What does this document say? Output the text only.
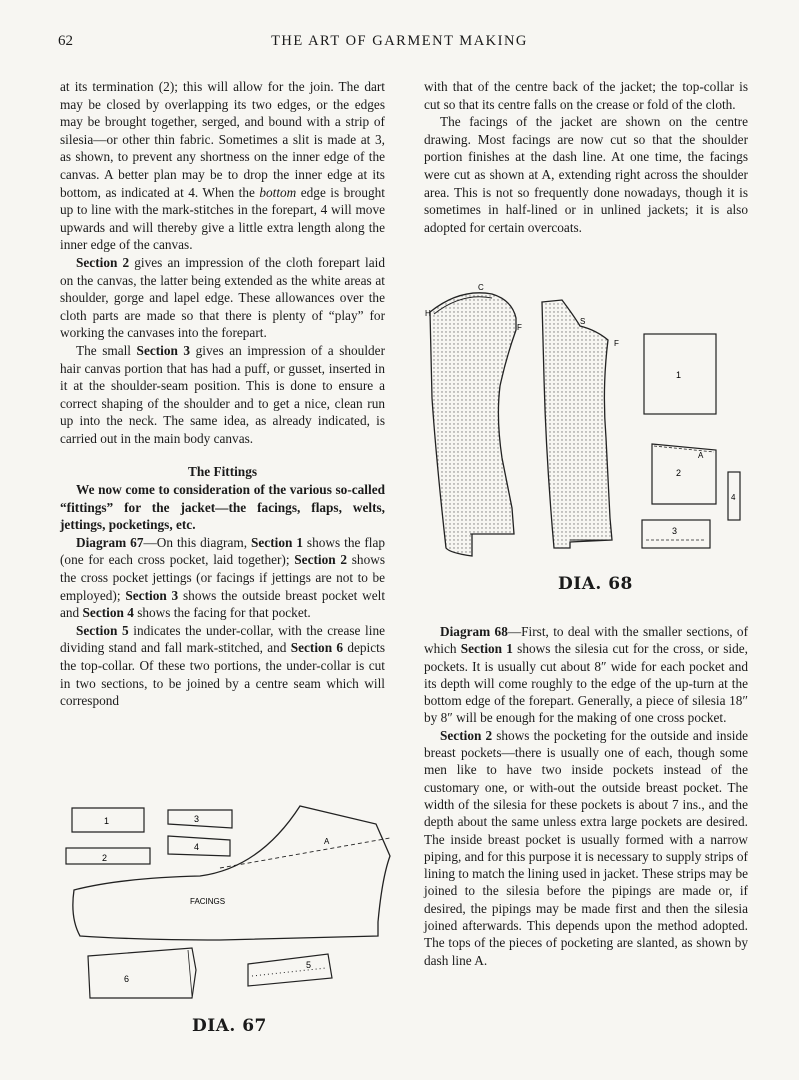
62	THE ART OF GARMENT MAKING

at its termination (2); this will allow for the join. The dart may be closed by overlapping its two edges, or the edges may be brought together, serged, and bound with a strip of silesia—or other thin fabric. Sometimes a slit is made at 3, as shown, to prevent any shortness on the inner edge of the canvas. A better plan may be to drop the inner edge at its bottom, as indicated at 4. When the bottom edge is brought up to line with the mark-stitches in the forepart, 4 will move upwards and will thereby give a little extra length along the inner edge of the canvas.

Section 2 gives an impression of the cloth forepart laid on the canvas, the latter being extended as the white areas at shoulder, gorge and lapel edge. These allowances over the cloth parts are made so that there is plenty of “play” for working the canvases into the forepart.

The small Section 3 gives an impression of a shoulder hair canvas portion that has had a puff, or gusset, inserted in it at the shoulder-seam position. This is done to ensure a correct shaping of the shoulder and to get a nice, clean run up into the neck. The same idea, as already indicated, is carried out in the main body canvas.

The Fittings

We now come to consideration of the various so-called “fittings” for the jacket—the facings, flaps, welts, jettings, pocketings, etc.

Diagram 67—On this diagram, Section 1 shows the flap (one for each cross pocket, laid together); Section 2 shows the cross pocket jettings (or facings if jettings are not to be employed); Section 3 shows the outside breast pocket welt and Section 4 shows the facing for that pocket.

Section 5 indicates the under-collar, with the crease line dividing stand and fall mark-stitched, and Section 6 depicts the top-collar. Of these two portions, the under-collar is cut in two sections, to be joined by a centre seam which will correspond

with that of the centre back of the jacket; the top-collar is cut so that its centre falls on the crease or fold of the cloth.

The facings of the jacket are shown on the centre drawing. Most facings are now cut so that the shoulder portion finishes at the dash line. At one time, the facings were cut as shown at A, extending right across the shoulder area. This is not so frequently done nowadays, though it is sometimes in half-lined or in unlined jackets; it is also adopted for certain overcoats.

H
C
F
S
F
1
A
2
3
4
DIA. 68

Diagram 68—First, to deal with the smaller sections, of which Section 1 shows the silesia cut for the cross, or side, pockets. It is usually cut about 8″ wide for each pocket and its depth will come roughly to the edge of the up-turn at the bottom edge of the forepart. Generally, a piece of silesia 18″ by 8″ will be enough for the making of one cross pocket.

Section 2 shows the pocketing for the outside and inside breast pockets—there is usually one of each, though some men like to have two inside pockets instead of the customary one, or with-out the outside breast pocket. The width of the silesia for these pockets is about 7 ins., and the depth about the same unless extra large pockets are desired. The inside breast pocket is usually formed with a narrow piping, and for this purpose it is necessary to supply strips of lining to match the lining used in jacket. These strips may be joined to the silesia before the pipings are made or, if desired, the pipings may be made first and then the silesia joined afterwards. This depends upon the method adopted. The tops of the pieces of pocketing are slanted, as shown by dash line A.

1
2
3
4
A
FACINGS
6
5
DIA. 67
